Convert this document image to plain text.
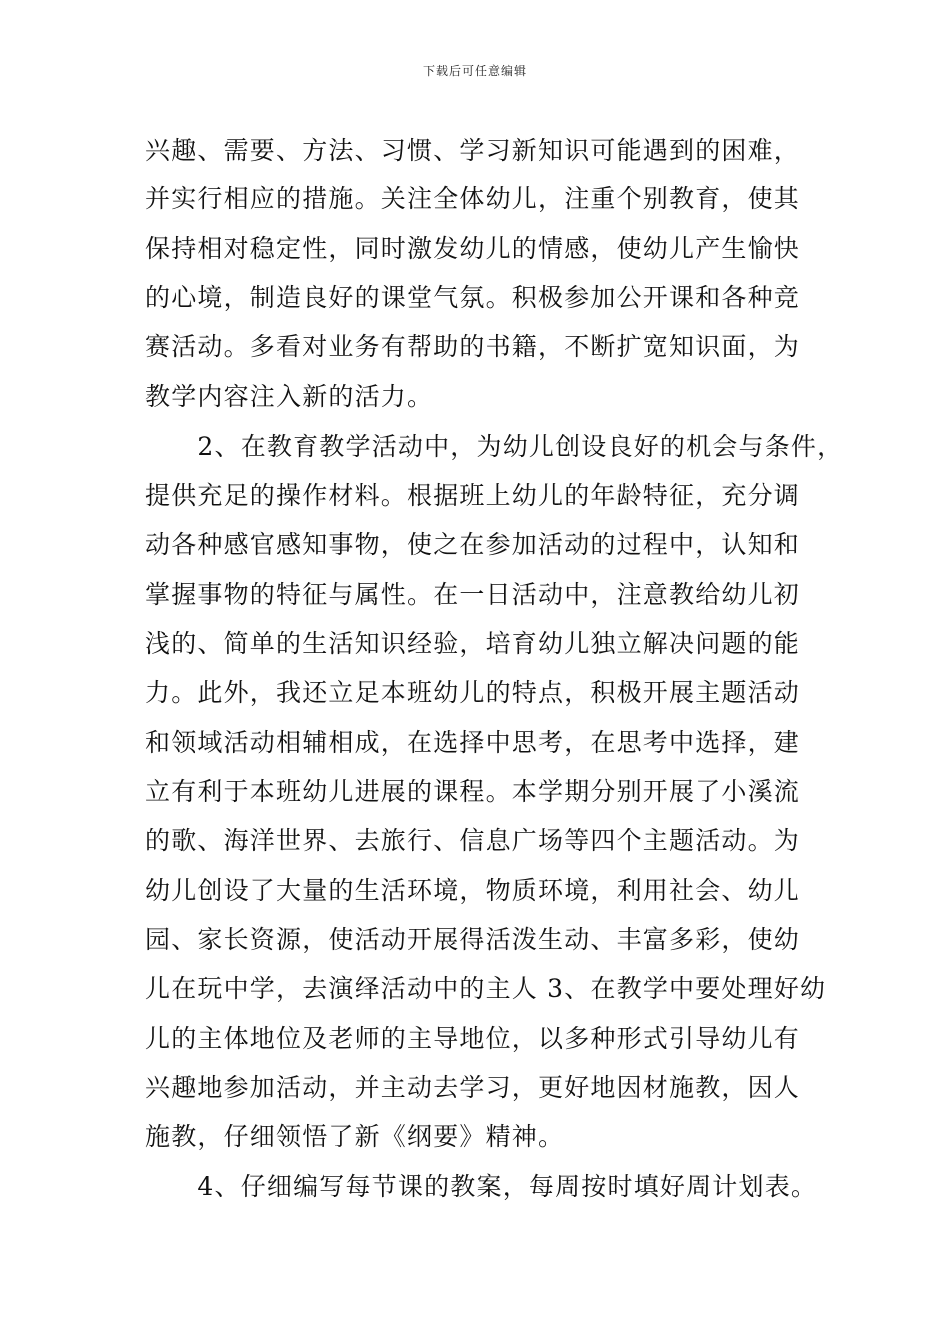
下载后可任意编辑
兴趣、需要、方法、习惯、学习新知识可能遇到的困难，
并实行相应的措施。关注全体幼儿，注重个别教育，使其
保持相对稳定性，同时激发幼儿的情感，使幼儿产生愉快
的心境，制造良好的课堂气氛。积极参加公开课和各种竞
赛活动。多看对业务有帮助的书籍，不断扩宽知识面，为
教学内容注入新的活力。
　　2、在教育教学活动中，为幼儿创设良好的机会与条件，
提供充足的操作材料。根据班上幼儿的年龄特征，充分调
动各种感官感知事物，使之在参加活动的过程中，认知和
掌握事物的特征与属性。在一日活动中，注意教给幼儿初
浅的、简单的生活知识经验，培育幼儿独立解决问题的能
力。此外，我还立足本班幼儿的特点，积极开展主题活动
和领域活动相辅相成，在选择中思考，在思考中选择，建
立有利于本班幼儿进展的课程。本学期分别开展了小溪流
的歌、海洋世界、去旅行、信息广场等四个主题活动。为
幼儿创设了大量的生活环境，物质环境，利用社会、幼儿
园、家长资源，使活动开展得活泼生动、丰富多彩，使幼
儿在玩中学，去演绎活动中的主人 3、在教学中要处理好幼
儿的主体地位及老师的主导地位，以多种形式引导幼儿有
兴趣地参加活动，并主动去学习，更好地因材施教，因人
施教，仔细领悟了新《纲要》精神。
　　4、仔细编写每节课的教案，每周按时填好周计划表。
